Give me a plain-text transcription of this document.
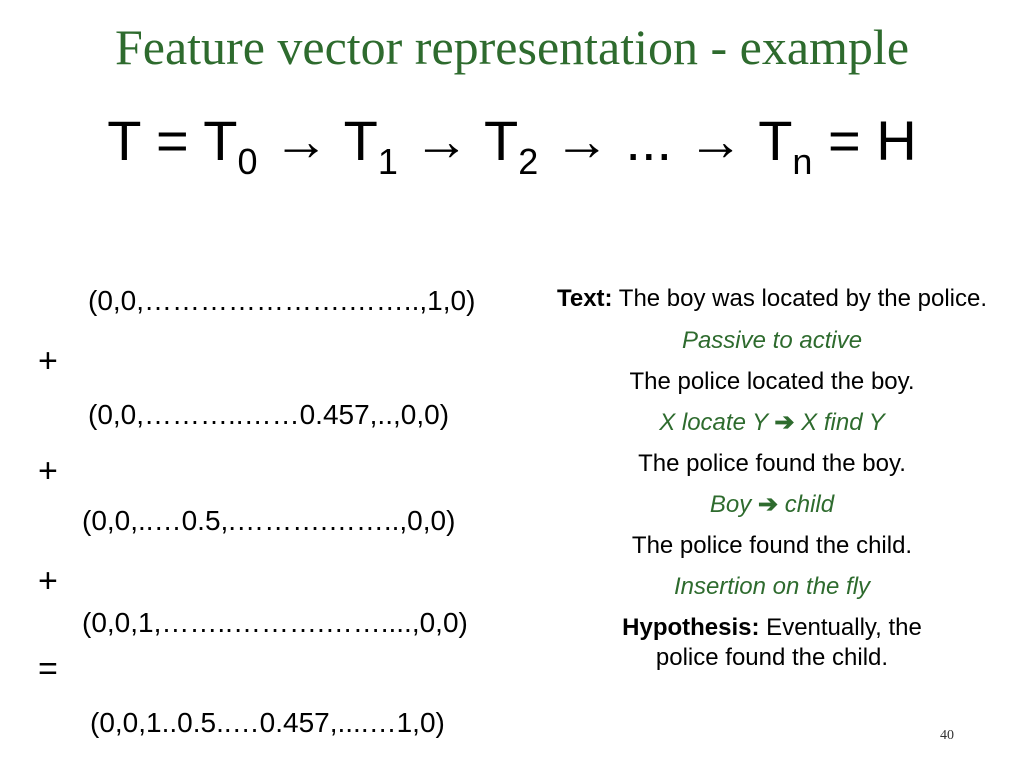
Feature vector representation - example
$T = T_0 \to T_1 \to T_2$ → ... → $T_n = H$
(0,0,………………….……..,1,0)
+
(0,0,………..……0.457,..,0,0)
+
(0,0,..…0.5,.……….……..,0,0)
+
(0,0,1,……..……….……....,0,0)
=
(0,0,1..0.5..…0.457,....…1,0)

Text: The boy was located by the police.

Passive to active

The police located the boy.

X locate Y ➔ X find Y

The police found the boy.

Boy ➔ child

The police found the child.

Insertion on the fly

Hypothesis: Eventually, the police found the child.

40
